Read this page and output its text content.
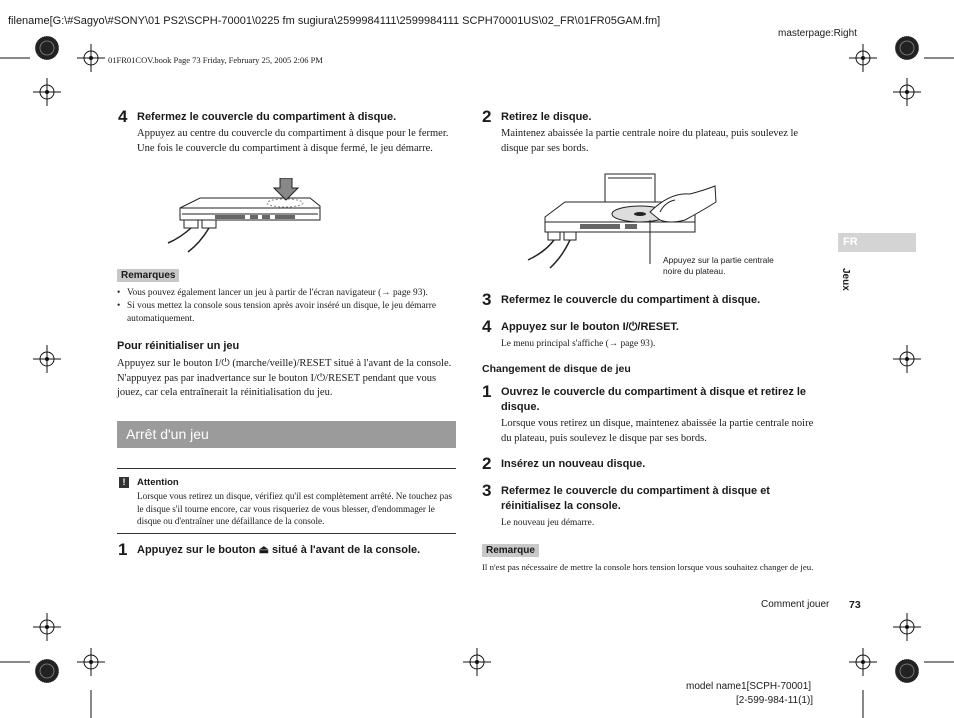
filename[G:\#Sagyo\#SONY\01 PS2\SCPH-70001\0225 fm sugiura\2599984111\2599984111 SCPH70001US\02_FR\01FR05GAM.fm]
masterpage:Right
01FR01COV.book Page 73 Friday, February 25, 2005 2:06 PM
4 Refermez le couvercle du compartiment à disque.
Appuyez au centre du couvercle du compartiment à disque pour le fermer. Une fois le couvercle du compartiment à disque fermé, le jeu démarre.
Remarques
• Vous pouvez également lancer un jeu à partir de l'écran navigateur (→ page 93).
• Si vous mettez la console sous tension après avoir inséré un disque, le jeu démarre automatiquement.
Pour réinitialiser un jeu
Appuyez sur le bouton I/⏻ (marche/veille)/RESET situé à l'avant de la console. N'appuyez pas par inadvertance sur le bouton I/⏻/RESET pendant que vous jouez, car cela entraînerait la réinitialisation du jeu.
Arrêt d'un jeu
!	Attention
Lorsque vous retirez un disque, vérifiez qu'il est complètement arrêté. Ne touchez pas le disque s'il tourne encore, car vous risqueriez de vous blesser, d'endommager le disque ou d'entraîner une défaillance de la console.
1 Appuyez sur le bouton ⏏ situé à l'avant de la console.
2 Retirez le disque.
Maintenez abaissée la partie centrale noire du plateau, puis soulevez le disque par ses bords.
Appuyez sur la partie centrale noire du plateau.
3 Refermez le couvercle du compartiment à disque.
4 Appuyez sur le bouton I/⏻/RESET.
Le menu principal s'affiche (→ page 93).
Changement de disque de jeu
1 Ouvrez le couvercle du compartiment à disque et retirez le disque.
Lorsque vous retirez un disque, maintenez abaissée la partie centrale noire du plateau, puis soulevez le disque par ses bords.
2 Insérez un nouveau disque.
3 Refermez le couvercle du compartiment à disque et réinitialisez la console.
Le nouveau jeu démarre.
Remarque
Il n'est pas nécessaire de mettre la console hors tension lorsque vous souhaitez changer de jeu.
FR
Jeux
Comment jouer 73
model name1[SCPH-70001]
[2-599-984-11(1)]
